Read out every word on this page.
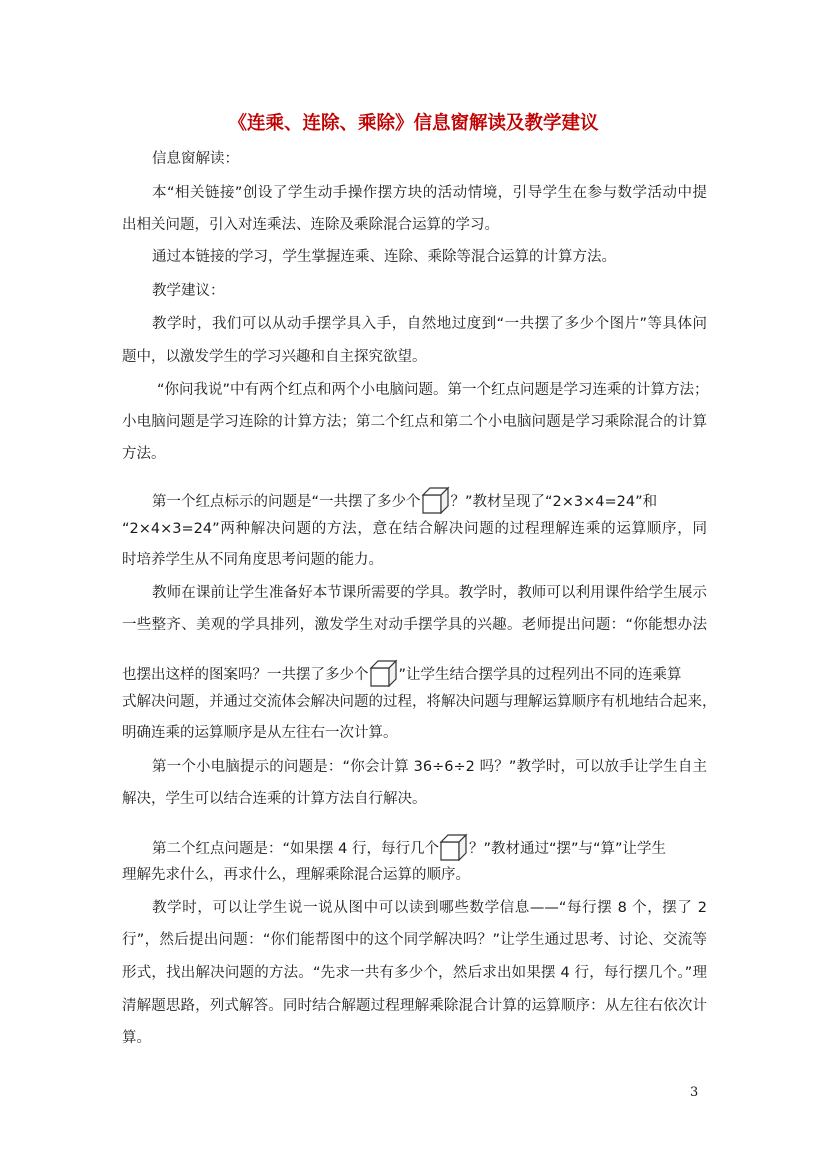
《连乘、连除、乘除》信息窗解读及教学建议
信息窗解读：
本“相关链接”创设了学生动手操作摆方块的活动情境，引导学生在参与数学活动中提
出相关问题，引入对连乘法、连除及乘除混合运算的学习。
通过本链接的学习，学生掌握连乘、连除、乘除等混合运算的计算方法。
教学建议：
教学时，我们可以从动手摆学具入手，自然地过度到“一共摆了多少个图片”等具体问
题中，以激发学生的学习兴趣和自主探究欲望。
“你问我说”中有两个红点和两个小电脑问题。第一个红点问题是学习连乘的计算方法；
小电脑问题是学习连除的计算方法；第二个红点和第二个小电脑问题是学习乘除混合的计算
方法。
第一个红点标示的问题是“一共摆了多少个 ？”教材呈现了“2×3×4=24”和
“2×4×3=24”两种解决问题的方法，意在结合解决问题的过程理解连乘的运算顺序，同
时培养学生从不同角度思考问题的能力。
教师在课前让学生准备好本节课所需要的学具。教学时，教师可以利用课件给学生展示
一些整齐、美观的学具排列，激发学生对动手摆学具的兴趣。老师提出问题：“你能想办法
也摆出这样的图案吗？一共摆了多少个 ”让学生结合摆学具的过程列出不同的连乘算
式解决问题，并通过交流体会解决问题的过程，将解决问题与理解运算顺序有机地结合起来，
明确连乘的运算顺序是从左往右一次计算。
第一个小电脑提示的问题是：“你会计算 36÷6÷2 吗？”教学时，可以放手让学生自主
解决，学生可以结合连乘的计算方法自行解决。
第二个红点问题是：“如果摆 4 行，每行几个 ？”教材通过“摆”与“算”让学生
理解先求什么，再求什么，理解乘除混合运算的顺序。
教学时，可以让学生说一说从图中可以读到哪些数学信息——“每行摆 8 个，摆了 2
行”，然后提出问题：“你们能帮图中的这个同学解决吗？”让学生通过思考、讨论、交流等
形式，找出解决问题的方法。“先求一共有多少个，然后求出如果摆 4 行，每行摆几个。”理
清解题思路，列式解答。同时结合解题过程理解乘除混合计算的运算顺序：从左往右依次计
算。
3
